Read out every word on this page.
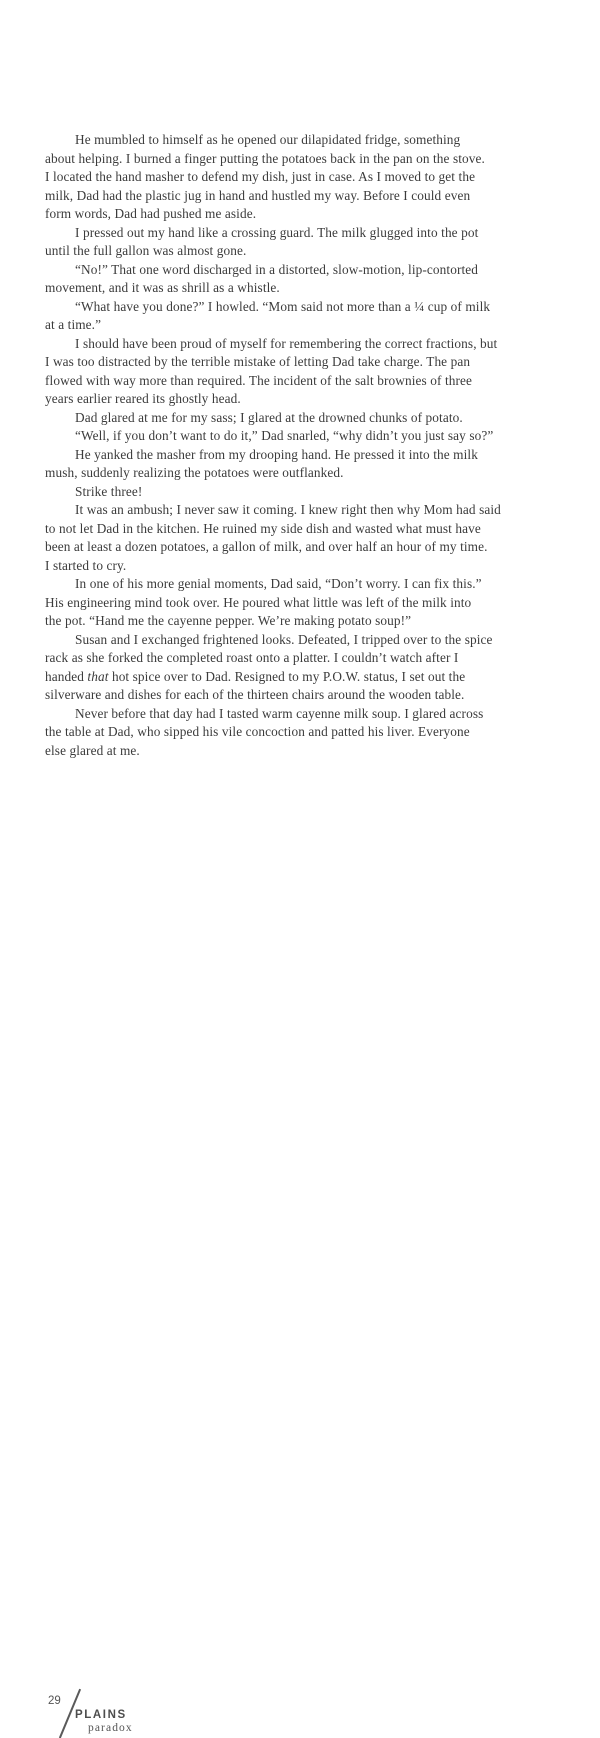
He mumbled to himself as he opened our dilapidated fridge, something
about helping. I burned a finger putting the potatoes back in the pan on the stove.
I located the hand masher to defend my dish, just in case. As I moved to get the
milk, Dad had the plastic jug in hand and hustled my way. Before I could even
form words, Dad had pushed me aside.
I pressed out my hand like a crossing guard. The milk glugged into the pot
until the full gallon was almost gone.
“No!” That one word discharged in a distorted, slow-motion, lip-contorted
movement, and it was as shrill as a whistle.
“What have you done?” I howled. “Mom said not more than a ¼ cup of milk
at a time.”
I should have been proud of myself for remembering the correct fractions, but
I was too distracted by the terrible mistake of letting Dad take charge. The pan
flowed with way more than required. The incident of the salt brownies of three
years earlier reared its ghostly head.
Dad glared at me for my sass; I glared at the drowned chunks of potato.
“Well, if you don’t want to do it,” Dad snarled, “why didn’t you just say so?”
He yanked the masher from my drooping hand. He pressed it into the milk
mush, suddenly realizing the potatoes were outflanked.
Strike three!
It was an ambush; I never saw it coming. I knew right then why Mom had said
to not let Dad in the kitchen. He ruined my side dish and wasted what must have
been at least a dozen potatoes, a gallon of milk, and over half an hour of my time.
I started to cry.
In one of his more genial moments, Dad said, “Don’t worry. I can fix this.”
His engineering mind took over. He poured what little was left of the milk into
the pot. “Hand me the cayenne pepper. We’re making potato soup!”
Susan and I exchanged frightened looks. Defeated, I tripped over to the spice
rack as she forked the completed roast onto a platter. I couldn’t watch after I
handed that hot spice over to Dad. Resigned to my P.O.W. status, I set out the
silverware and dishes for each of the thirteen chairs around the wooden table.
Never before that day had I tasted warm cayenne milk soup. I glared across
the table at Dad, who sipped his vile concoction and patted his liver. Everyone
else glared at me.
29
PLAINS
paradox
